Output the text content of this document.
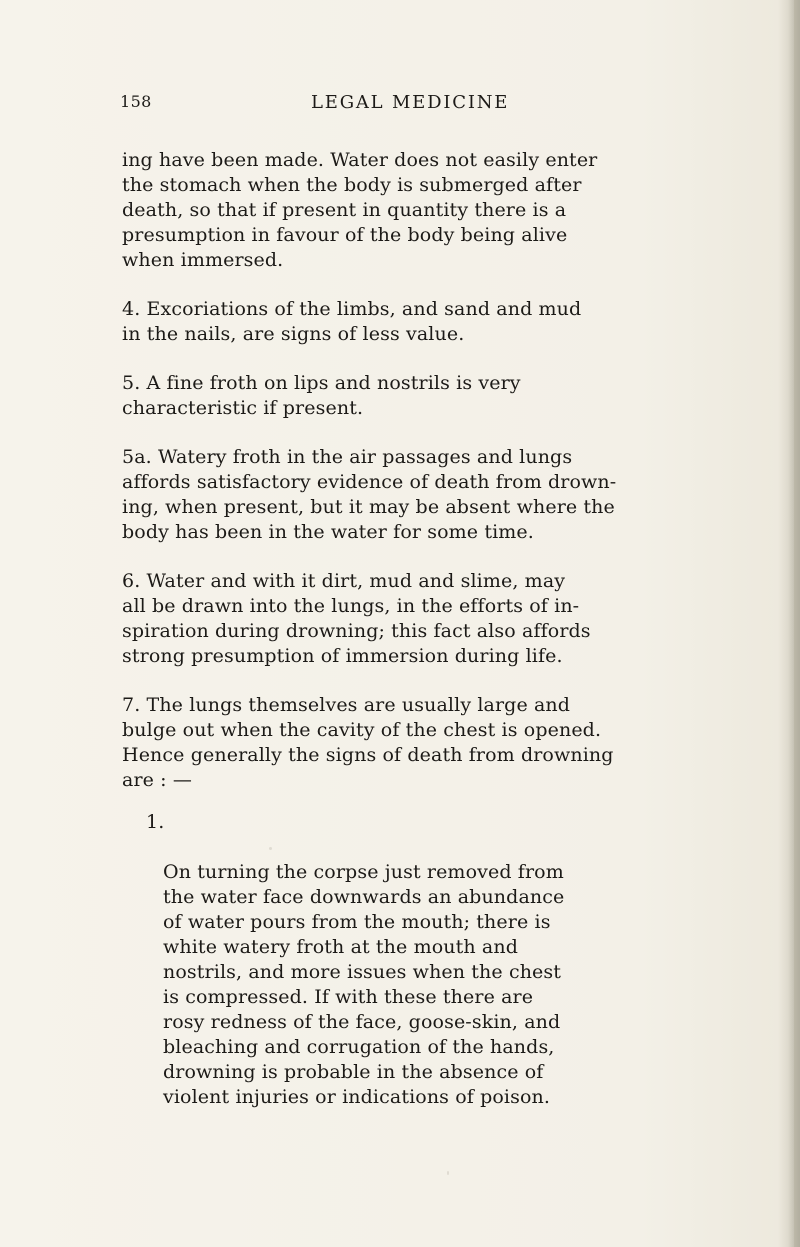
158	LEGAL MEDICINE

ing have been made. Water does not easily enter
the stomach when the body is submerged after
death, so that if present in quantity there is a
presumption in favour of the body being alive
when immersed.

4. Excoriations of the limbs, and sand and mud
in the nails, are signs of less value.

5. A fine froth on lips and nostrils is very
characteristic if present.

5a. Watery froth in the air passages and lungs
affords satisfactory evidence of death from drown-
ing, when present, but it may be absent where the
body has been in the water for some time.

6. Water and with it dirt, mud and slime, may
all be drawn into the lungs, in the efforts of in-
spiration during drowning; this fact also affords
strong presumption of immersion during life.

7. The lungs themselves are usually large and
bulge out when the cavity of the chest is opened.
Hence generally the signs of death from drowning
are : —

1.

On turning the corpse just removed from
the water face downwards an abundance
of water pours from the mouth; there is
white watery froth at the mouth and
nostrils, and more issues when the chest
is compressed. If with these there are
rosy redness of the face, goose-skin, and
bleaching and corrugation of the hands,
drowning is probable in the absence of
violent injuries or indications of poison.
